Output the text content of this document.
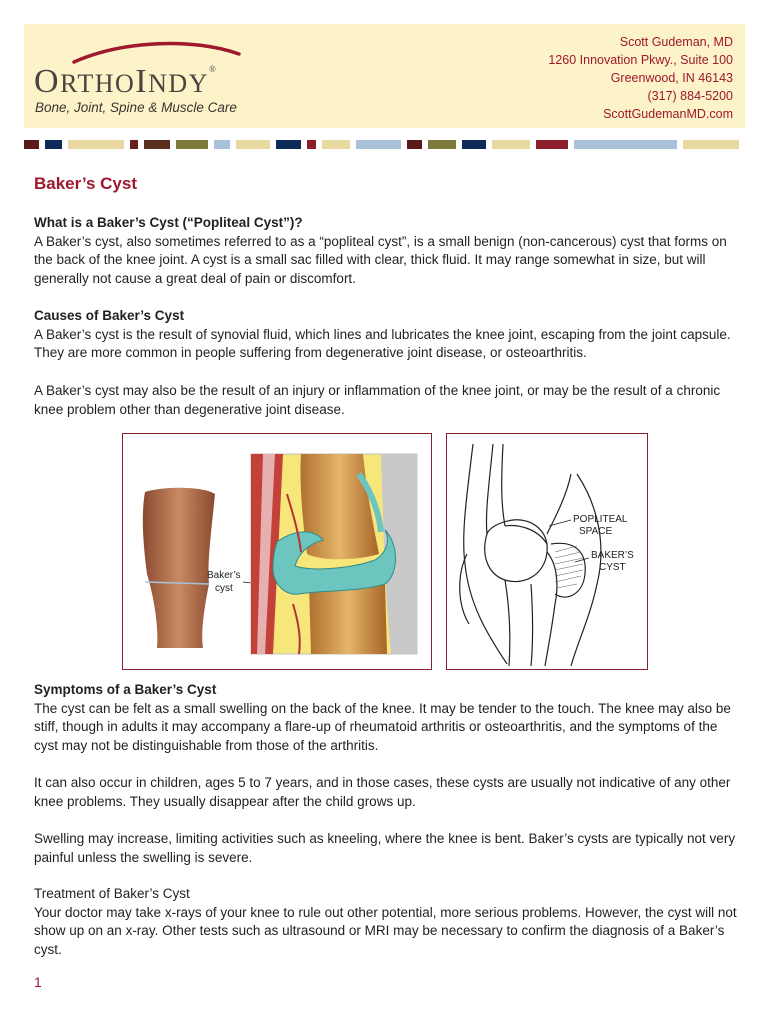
ORTHOINDY®
Bone, Joint, Spine & Muscle Care
Scott Gudeman, MD
1260 Innovation Pkwy., Suite 100
Greenwood, IN 46143
(317) 884-5200
ScottGudemanMD.com
Baker’s Cyst

What is a Baker’s Cyst (“Popliteal Cyst”)?
A Baker’s cyst, also sometimes referred to as a “popliteal cyst”, is a small benign (non-cancerous) cyst that forms on the back of the knee joint. A cyst is a small sac filled with clear, thick fluid. It may range somewhat in size, but will generally not cause a great deal of pain or discomfort.

Causes of Baker’s Cyst
A Baker’s cyst is the result of synovial fluid, which lines and lubricates the knee joint, escaping from the joint capsule. They are more common in people suffering from degenerative joint disease, or osteoarthritis.

A Baker’s cyst may also be the result of an injury or inflammation of the knee joint, or may be the result of a chronic knee problem other than degenerative joint disease.

Baker’s
cyst
POPLITEAL
SPACE
BAKER’S
CYST

Symptoms of a Baker’s Cyst
The cyst can be felt as a small swelling on the back of the knee. It may be tender to the touch. The knee may also be stiff, though in adults it may accompany a flare-up of rheumatoid arthritis or osteoarthritis, and the symptoms of the cyst may not be distinguishable from those of the arthritis.

It can also occur in children, ages 5 to 7 years, and in those cases, these cysts are usually not indicative of any other knee problems. They usually disappear after the child grows up.

Swelling may increase, limiting activities such as kneeling, where the knee is bent. Baker’s cysts are typically not very painful unless the swelling is severe.

Treatment of Baker’s Cyst
Your doctor may take x-rays of your knee to rule out other potential, more serious problems. However, the cyst will not show up on an x-ray. Other tests such as ultrasound or MRI may be necessary to confirm the diagnosis of a Baker’s cyst.

1
